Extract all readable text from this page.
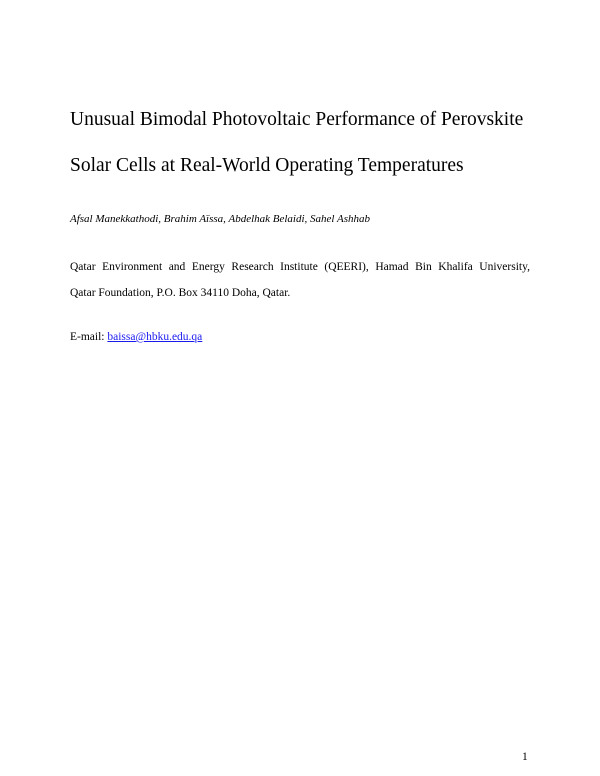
Unusual Bimodal Photovoltaic Performance of Perovskite
Solar Cells at Real-World Operating Temperatures
Afsal Manekkathodi, Brahim Aïssa, Abdelhak Belaidi, Sahel Ashhab
Qatar Environment and Energy Research Institute (QEERI), Hamad Bin Khalifa University,
Qatar Foundation, P.O. Box 34110 Doha, Qatar.
E-mail: baissa@hbku.edu.qa
1
